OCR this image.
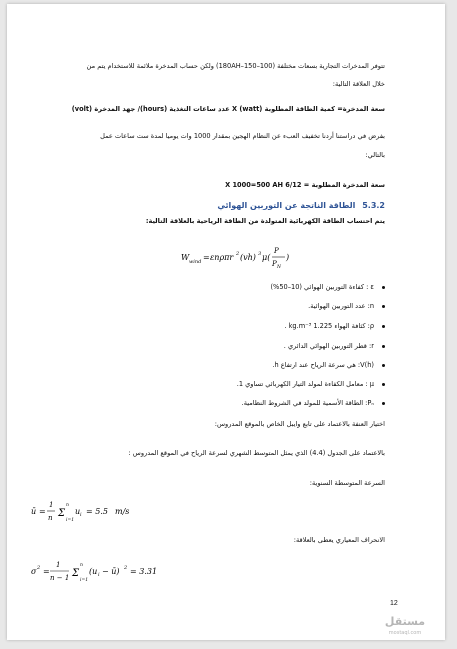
تتوفر المدخرات التجارية بسعات مختلفة (100–150–180AH) ولكن حساب المدخرة ملائمة للاستخدام يتم من
خلال العلاقة التالية:
سعة المدخرة= كمية الطاقة المطلوبة (watt) X عدد ساعات التغذية (hours)/ جهد المدخرة (volt)
بفرض في دراستنا أردنا تخفيف العبء عن النظام الهجين بمقدار 1000 وات يوميا لمدة ست ساعات عمل
بالتالي:
سعة المدخرة المطلوبة = 6/12 X 1000=500 AH
5.3.2 الطاقة الناتجة عن التوربين الهوائي
يتم احتساب الطاقة الكهربائية المتولدة من الطاقة الرياحية بالعلاقة التالية:
W wind = εnρπr 2 (vh) 3 μ(
P
P N
)
ε : كفاءة التوربين الهوائي (10–50%)
n: عدد التوربين الهوائية.
ρ: كثافة الهواء 1.225 kg.m⁻³ .
r: قطر التوربين الهوائي الدائري .
V(h): هي سرعة الرياح عند ارتفاع h.
μ : معامل الكفاءة لمولد التيار الكهربائي تساوي 1.
Pₙ: الطاقة الأسمية للمولد في الشروط النظامية.
اختيار العنفة بالاعتماد على تابع وايبل الخاص بالموقع المدروس:
بالاعتماد على الجدول (4.4) الذي يمثل المتوسط الشهري لسرعة الرياح في الموقع المدروس :
السرعة المتوسطة السنوية:
ū =
1
n Σ
n
i=1
u i = 5.5 m/s
الانحراف المعياري يعطى بالعلاقة:
σ 2 =
1
n − 1 Σ
n
i=1
(u i − ū) 2 = 3.31
12
مستقل
mostaql.com
